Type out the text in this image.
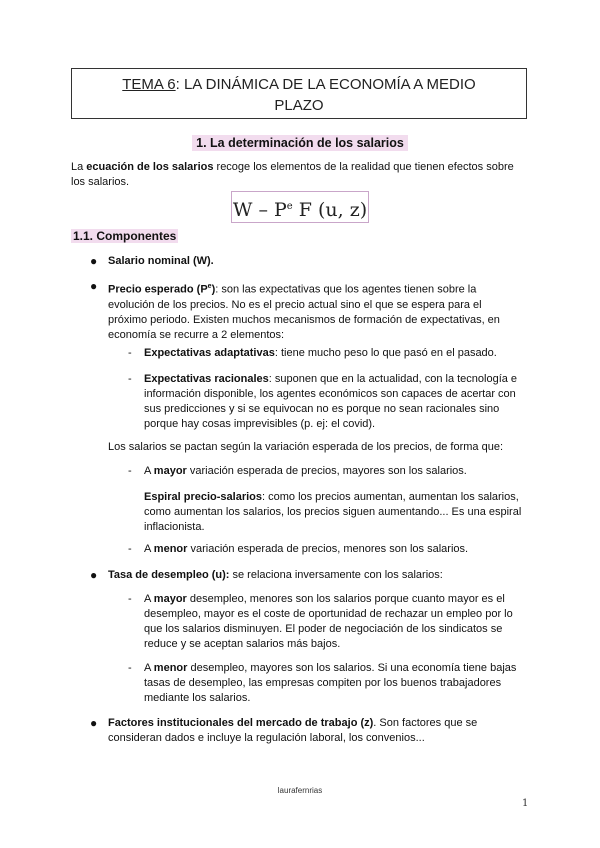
TEMA 6: LA DINÁMICA DE LA ECONOMÍA A MEDIO
PLAZO
1. La determinación de los salarios
La ecuación de los salarios recoge los elementos de la realidad que tienen efectos sobre
los salarios.
W – $P^e$ F (u, z)
1.1. Componentes
● Salario nominal (W).
● Precio esperado $(P^e)$: son las expectativas que los agentes tienen sobre la
evolución de los precios. No es el precio actual sino el que se espera para el
próximo periodo. Existen muchos mecanismos de formación de expectativas, en
economía se recurre a 2 elementos:
- Expectativas adaptativas: tiene mucho peso lo que pasó en el pasado.
- Expectativas racionales: suponen que en la actualidad, con la tecnología e
información disponible, los agentes económicos son capaces de acertar con
sus predicciones y si se equivocan no es porque no sean racionales sino
porque hay cosas imprevisibles (p. ej: el covid).
Los salarios se pactan según la variación esperada de los precios, de forma que:
- A mayor variación esperada de precios, mayores son los salarios.
Espiral precio-salarios: como los precios aumentan, aumentan los salarios,
como aumentan los salarios, los precios siguen aumentando... Es una espiral
inflacionista.
- A menor variación esperada de precios, menores son los salarios.
● Tasa de desempleo (u): se relaciona inversamente con los salarios:
- A mayor desempleo, menores son los salarios porque cuanto mayor es el
desempleo, mayor es el coste de oportunidad de rechazar un empleo por lo
que los salarios disminuyen. El poder de negociación de los sindicatos se
reduce y se aceptan salarios más bajos.
- A menor desempleo, mayores son los salarios. Si una economía tiene bajas
tasas de desempleo, las empresas compiten por los buenos trabajadores
mediante los salarios.
● Factores institucionales del mercado de trabajo (z). Son factores que se
consideran dados e incluye la regulación laboral, los convenios...
laurafernrias
1
